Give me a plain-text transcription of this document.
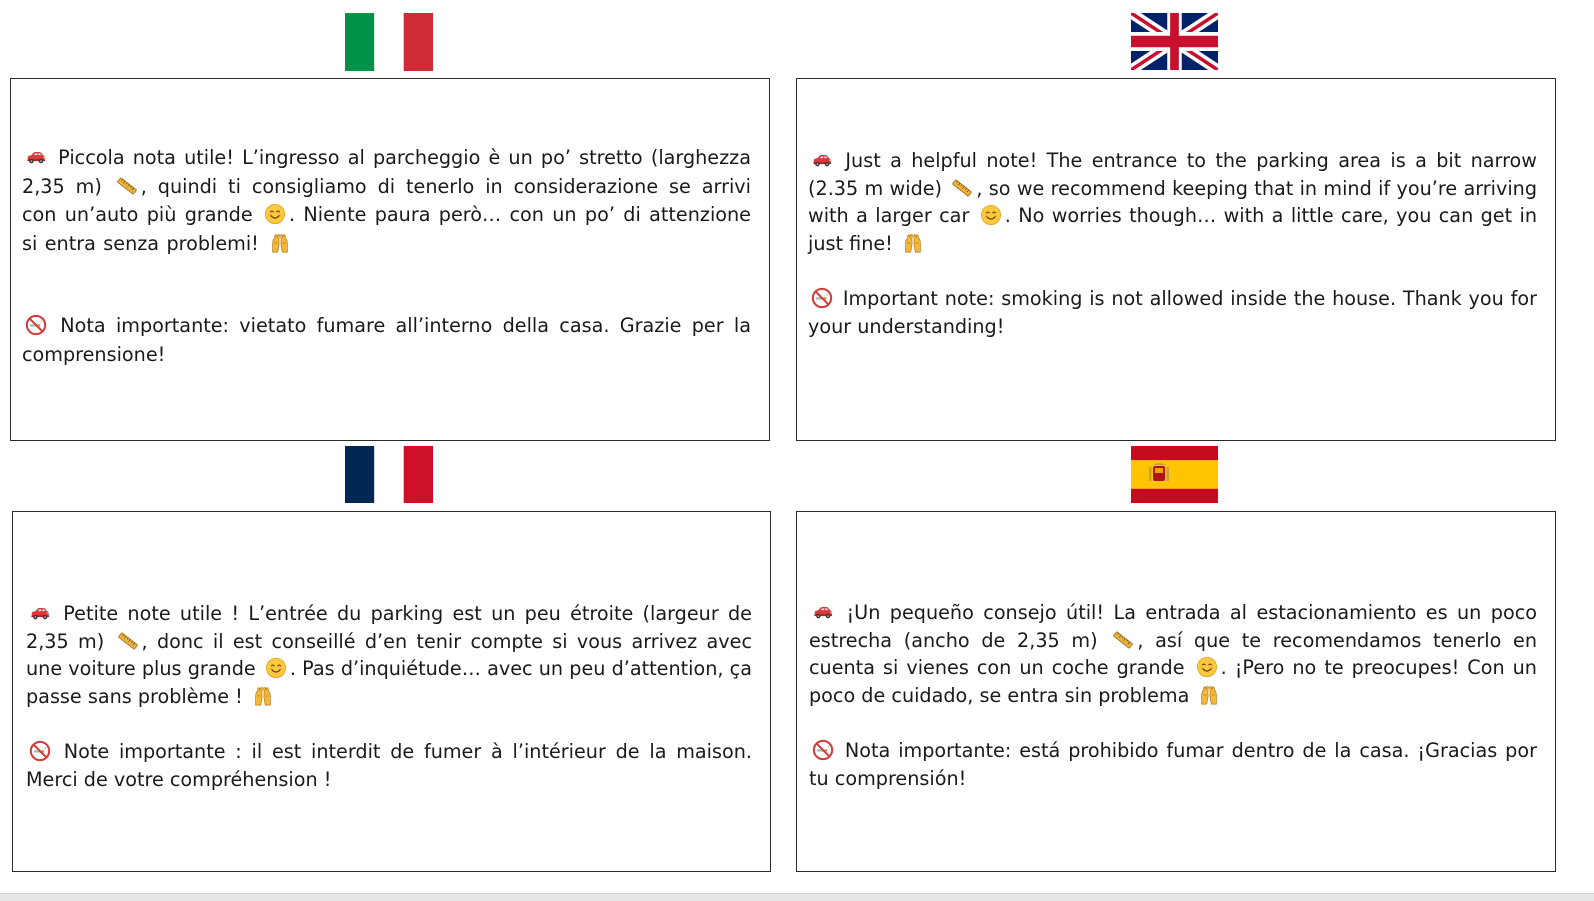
Piccola nota utile! L’ingresso al parcheggio è un po’ stretto (larghezza 2,35 m) , quindi ti consigliamo di tenerlo in considerazione se arrivi con un’auto più grande . Niente paura però… con un po’ di attenzione si entra senza problemi!

Nota importante: vietato fumare all’interno della casa. Grazie per la comprensione!

Just a helpful note! The entrance to the parking area is a bit narrow (2.35 m wide) , so we recommend keeping that in mind if you’re arriving with a larger car . No worries though… with a little care, you can get in just fine!

Important note: smoking is not allowed inside the house. Thank you for your understanding!

Petite note utile ! L’entrée du parking est un peu étroite (largeur de 2,35 m) , donc il est conseillé d’en tenir compte si vous arrivez avec une voiture plus grande . Pas d’inquiétude… avec un peu d’attention, ça passe sans problème !

Note importante : il est interdit de fumer à l’intérieur de la maison. Merci de votre compréhension !

¡Un pequeño consejo útil! La entrada al estacionamiento es un poco estrecha (ancho de 2,35 m) , así que te recomendamos tenerlo en cuenta si vienes con un coche grande . ¡Pero no te preocupes! Con un poco de cuidado, se entra sin problema

Nota importante: está prohibido fumar dentro de la casa. ¡Gracias por tu comprensión!
